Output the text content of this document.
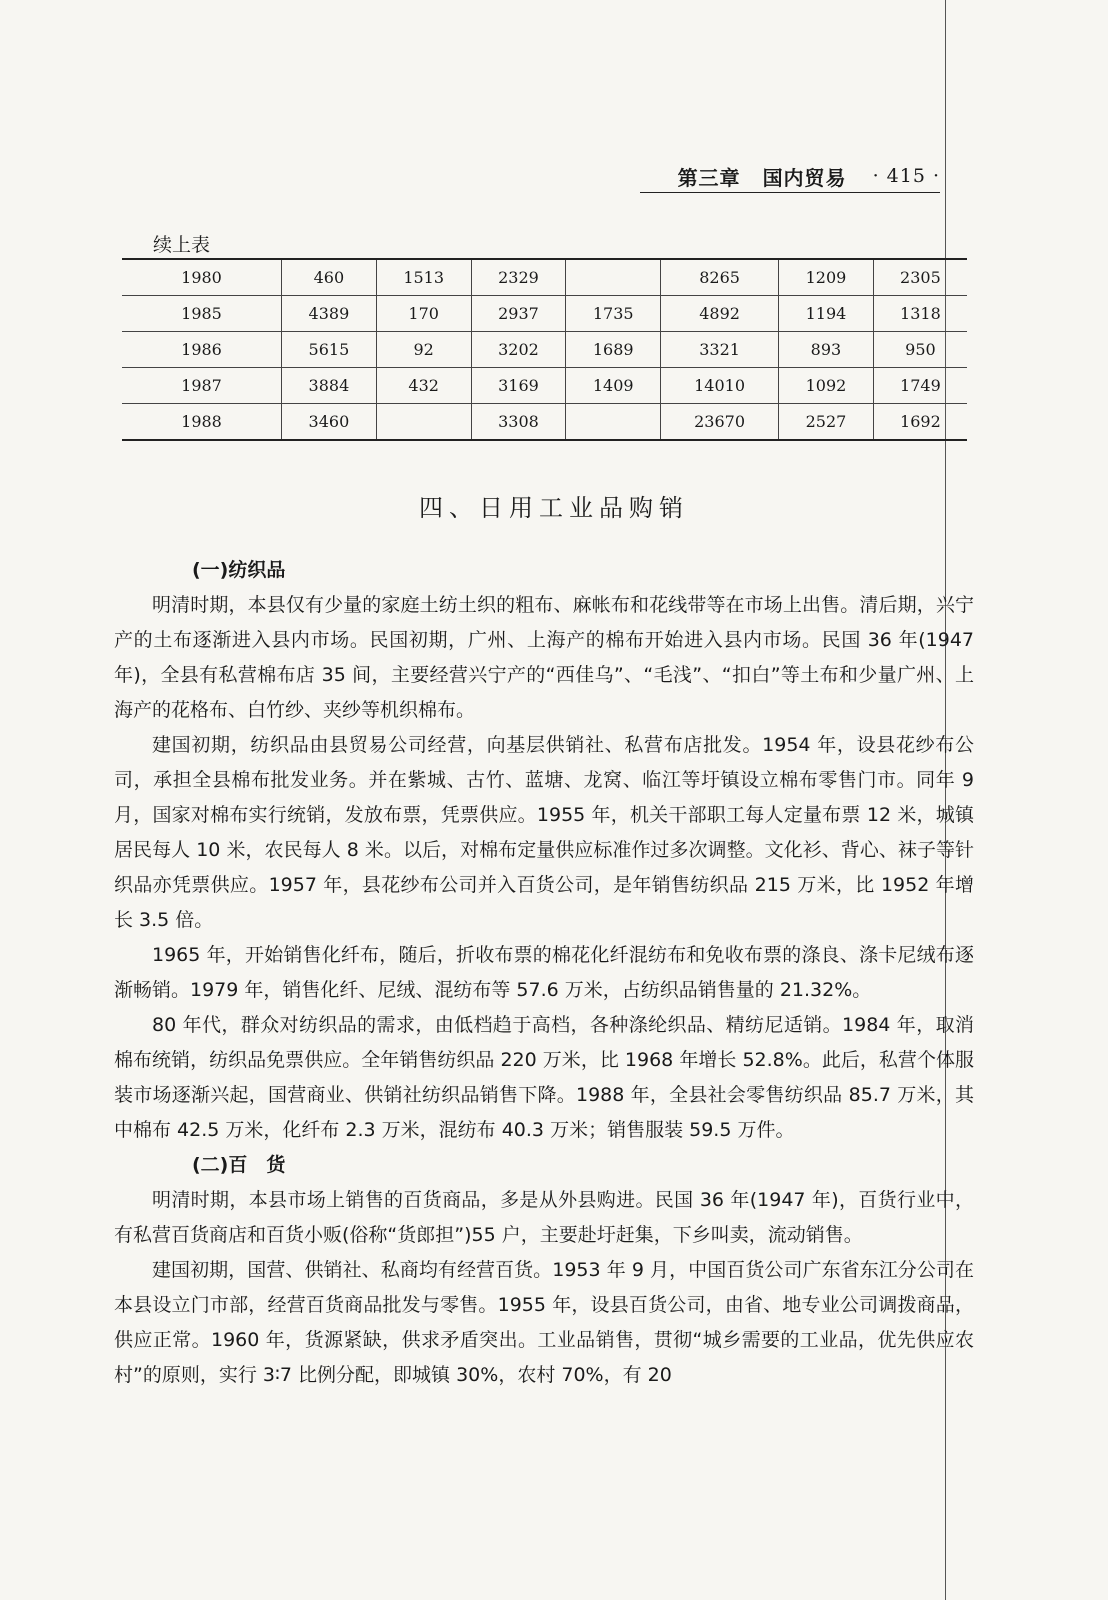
第三章 国内贸易 · 415 ·
续上表
1980	460	1513	2329		8265	1209	2305
1985	4389	170	2937	1735	4892	1194	1318
1986	5615	92	3202	1689	3321	893	950
1987	3884	432	3169	1409	14010	1092	1749
1988	3460		3308		23670	2527	1692
四、日用工业品购销

(一)纺织品

明清时期，本县仅有少量的家庭土纺土织的粗布、麻帐布和花线带等在市场上出售。清后期，兴宁产的土布逐渐进入县内市场。民国初期，广州、上海产的棉布开始进入县内市场。民国 36 年(1947 年)，全县有私营棉布店 35 间，主要经营兴宁产的“西佳乌”、“毛浅”、“扣白”等土布和少量广州、上海产的花格布、白竹纱、夹纱等机织棉布。

建国初期，纺织品由县贸易公司经营，向基层供销社、私营布店批发。1954 年，设县花纱布公司，承担全县棉布批发业务。并在紫城、古竹、蓝塘、龙窝、临江等圩镇设立棉布零售门市。同年 9 月，国家对棉布实行统销，发放布票，凭票供应。1955 年，机关干部职工每人定量布票 12 米，城镇居民每人 10 米，农民每人 8 米。以后，对棉布定量供应标准作过多次调整。文化衫、背心、袜子等针织品亦凭票供应。1957 年，县花纱布公司并入百货公司，是年销售纺织品 215 万米，比 1952 年增长 3.5 倍。

1965 年，开始销售化纤布，随后，折收布票的棉花化纤混纺布和免收布票的涤良、涤卡尼绒布逐渐畅销。1979 年，销售化纤、尼绒、混纺布等 57.6 万米，占纺织品销售量的 21.32%。

80 年代，群众对纺织品的需求，由低档趋于高档，各种涤纶织品、精纺尼适销。1984 年，取消棉布统销，纺织品免票供应。全年销售纺织品 220 万米，比 1968 年增长 52.8%。此后，私营个体服装市场逐渐兴起，国营商业、供销社纺织品销售下降。1988 年，全县社会零售纺织品 85.7 万米，其中棉布 42.5 万米，化纤布 2.3 万米，混纺布 40.3 万米；销售服装 59.5 万件。

(二)百　货

明清时期，本县市场上销售的百货商品，多是从外县购进。民国 36 年(1947 年)，百货行业中，有私营百货商店和百货小贩(俗称“货郎担”)55 户，主要赴圩赶集，下乡叫卖，流动销售。

建国初期，国营、供销社、私商均有经营百货。1953 年 9 月，中国百货公司广东省东江分公司在本县设立门市部，经营百货商品批发与零售。1955 年，设县百货公司，由省、地专业公司调拨商品，供应正常。1960 年，货源紧缺，供求矛盾突出。工业品销售，贯彻“城乡需要的工业品，优先供应农村”的原则，实行 3∶7 比例分配，即城镇 30%，农村 70%，有 20
